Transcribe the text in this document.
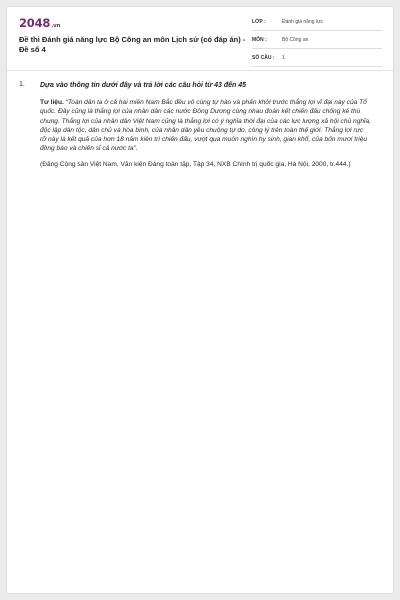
2048.vn
Đề thi Đánh giá năng lực Bộ Công an môn Lịch sử (có đáp án) - Đề số 4
LỚP :	Đánh giá năng lực
MÔN :	Bộ Công an
SỐ CÂU : 1
1. Dựa vào thông tin dưới đây và trả lời các câu hỏi từ 43 đến 45

Tư liệu. “Toàn dân ta ở cả hai miền Nam Bắc đều vô cùng tự hào và phấn khởi trước thắng lợi vĩ đại này của Tổ quốc. Đây cũng là thắng lợi của nhân dân các nước Đông Dương cùng nhau đoàn kết chiến đấu chống kẻ thù chung. Thắng lợi của nhân dân Việt Nam cũng là thắng lợi có ý nghĩa thời đại của các lực lượng xã hội chủ nghĩa, độc lập dân tộc, dân chủ và hòa bình, của nhân dân yêu chuộng tự do, công lý trên toàn thế giới. Thắng lợi rực rỡ này là kết quả của hơn 18 năm kiên trì chiến đấu, vượt qua muôn nghìn hy sinh, gian khổ, của bốn mươi triệu đồng bào và chiến sĩ cả nước ta”.

(Đảng Cộng sản Việt Nam, Văn kiện Đảng toàn tập, Tập 34, NXB Chính trị quốc gia, Hà Nội, 2000, tr.444.)
